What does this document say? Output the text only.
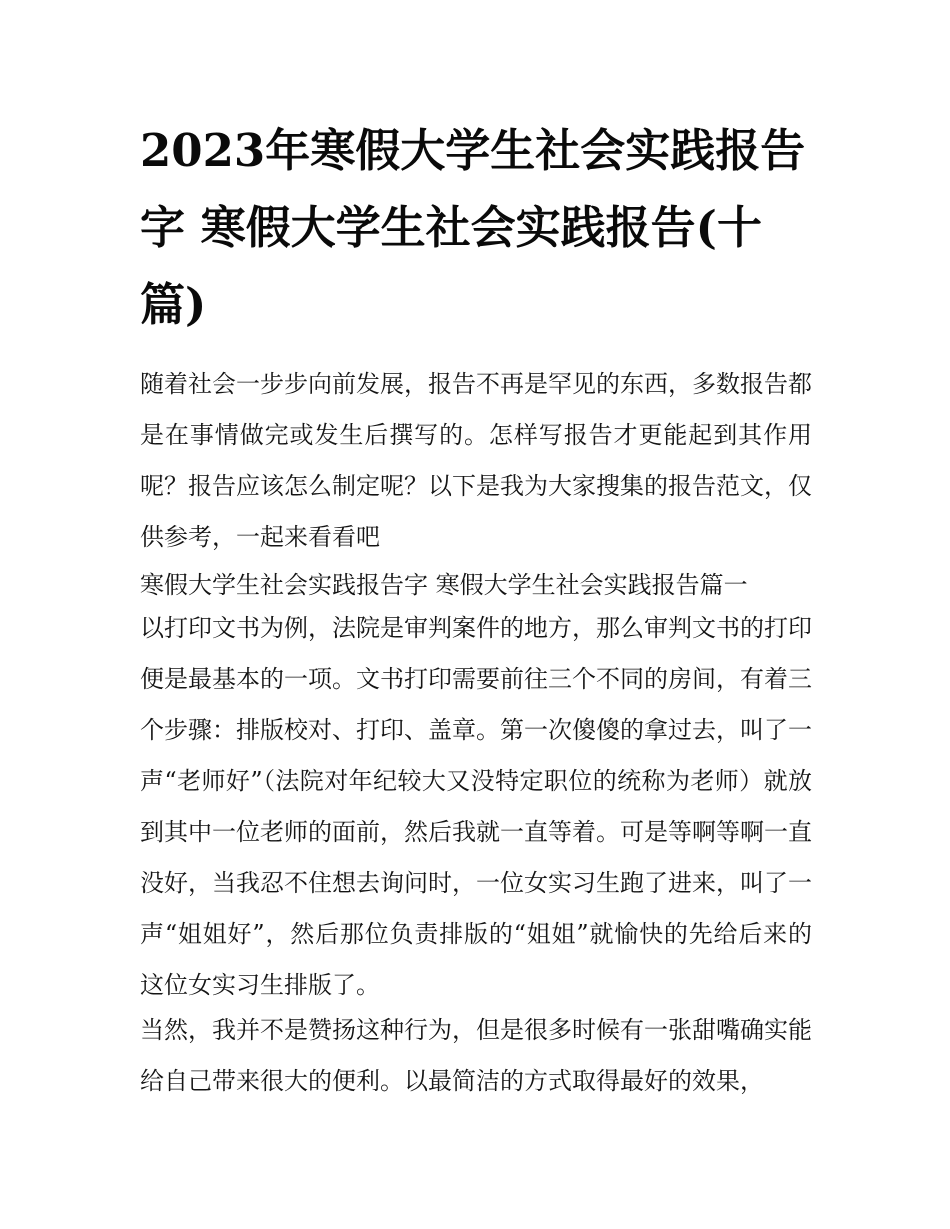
2023年寒假大学生社会实践报告字 寒假大学生社会实践报告(十篇)

随着社会一步步向前发展，报告不再是罕见的东西，多数报告都是在事情做完或发生后撰写的。怎样写报告才更能起到其作用呢？报告应该怎么制定呢？以下是我为大家搜集的报告范文，仅供参考，一起来看看吧

寒假大学生社会实践报告字 寒假大学生社会实践报告篇一

以打印文书为例，法院是审判案件的地方，那么审判文书的打印便是最基本的一项。文书打印需要前往三个不同的房间，有着三个步骤：排版校对、打印、盖章。第一次傻傻的拿过去，叫了一声“老师好”（法院对年纪较大又没特定职位的统称为老师）就放到其中一位老师的面前，然后我就一直等着。可是等啊等啊一直没好，当我忍不住想去询问时，一位女实习生跑了进来，叫了一声“姐姐好”，然后那位负责排版的“姐姐”就愉快的先给后来的这位女实习生排版了。

当然，我并不是赞扬这种行为，但是很多时候有一张甜嘴确实能给自己带来很大的便利。以最简洁的方式取得最好的效果，
